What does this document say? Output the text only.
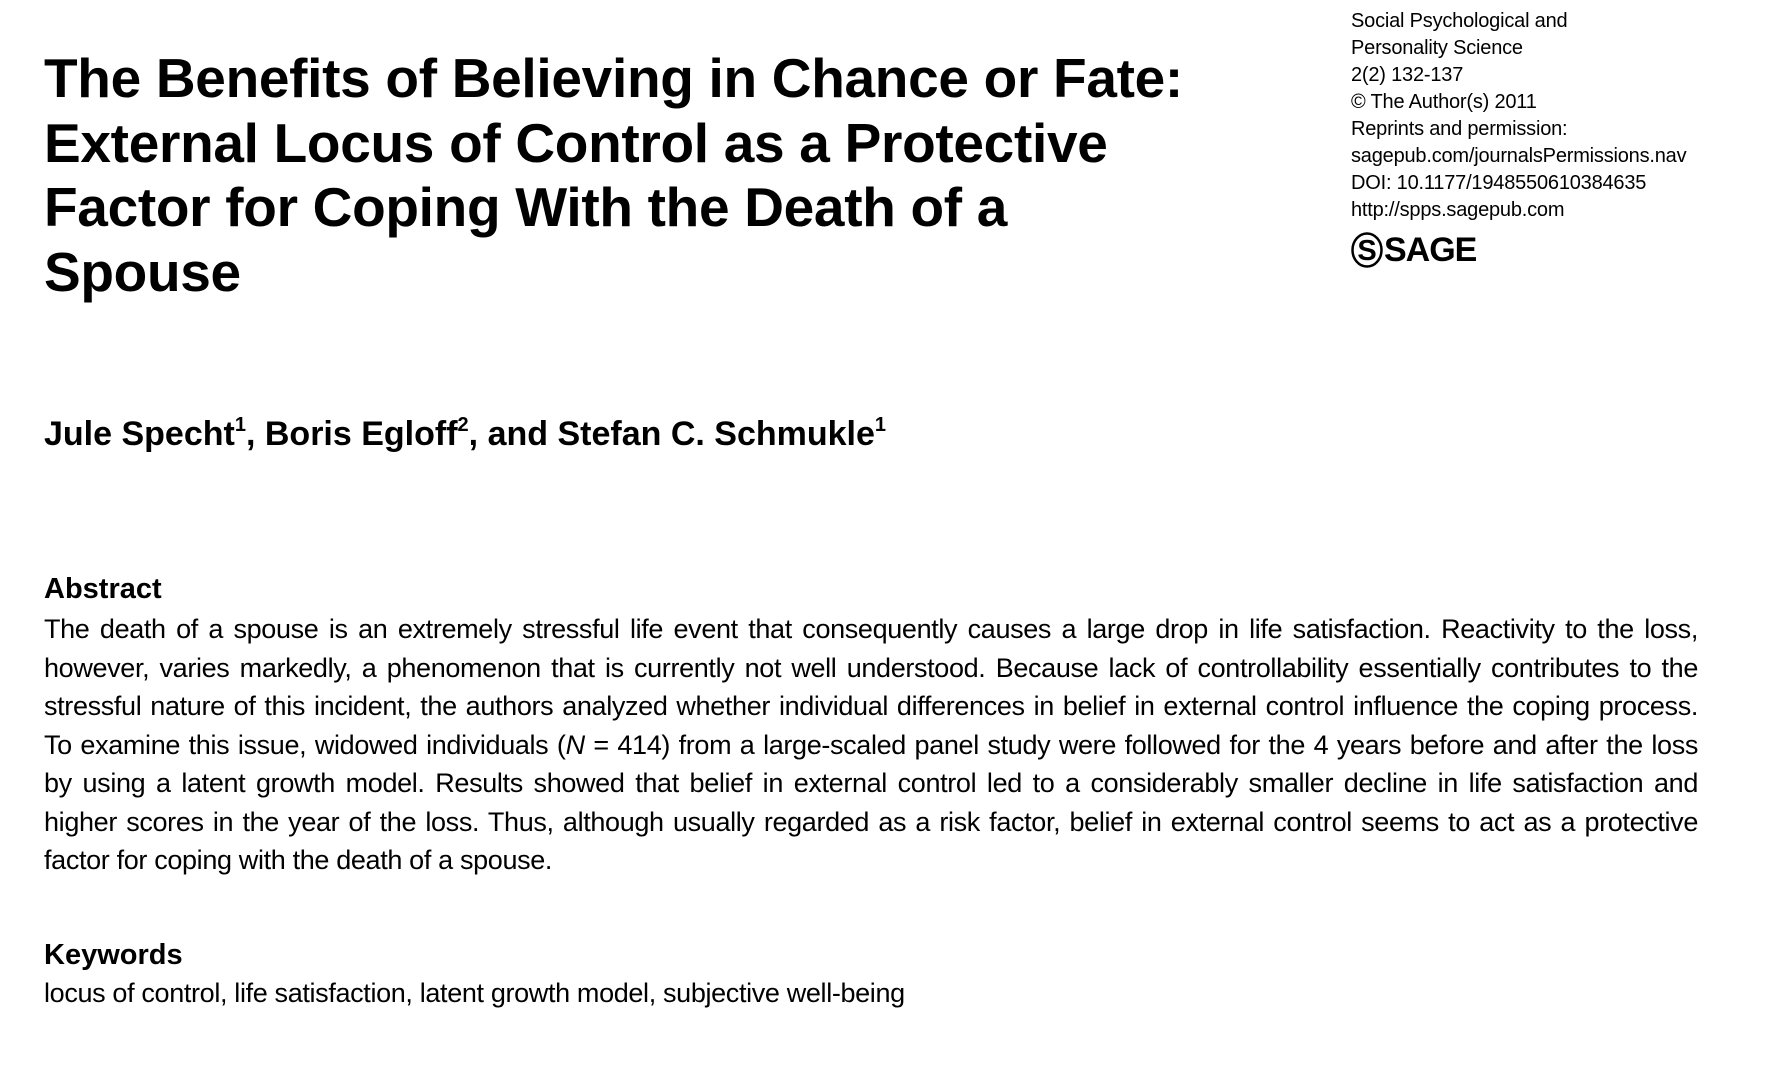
Social Psychological and
Personality Science
2(2) 132-137
© The Author(s) 2011
Reprints and permission:
sagepub.com/journalsPermissions.nav
DOI: 10.1177/1948550610384635
http://spps.sagepub.com
S SAGE
The Benefits of Believing in Chance or Fate: External Locus of Control as a Protective Factor for Coping With the Death of a Spouse

Jule Specht$^1$, Boris Egloff$^2$, and Stefan C. Schmukle$^1$

Abstract

The death of a spouse is an extremely stressful life event that consequently causes a large drop in life satisfaction. Reactivity to the loss, however, varies markedly, a phenomenon that is currently not well understood. Because lack of controllability essentially contributes to the stressful nature of this incident, the authors analyzed whether individual differences in belief in external control influence the coping process. To examine this issue, widowed individuals (N = 414) from a large-scaled panel study were followed for the 4 years before and after the loss by using a latent growth model. Results showed that belief in external control led to a considerably smaller decline in life satisfaction and higher scores in the year of the loss. Thus, although usually regarded as a risk factor, belief in external control seems to act as a protective factor for coping with the death of a spouse.

Keywords

locus of control, life satisfaction, latent growth model, subjective well-being
